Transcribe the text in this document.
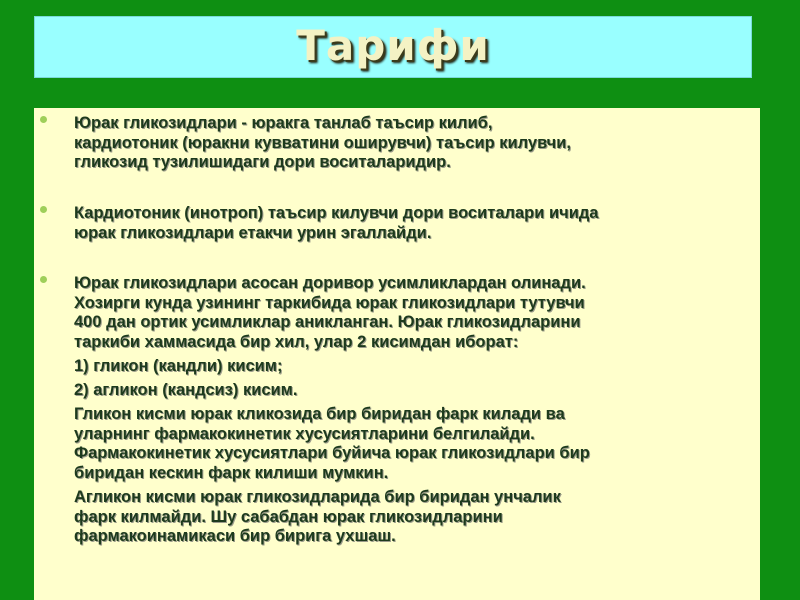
Тарифи

Юрак гликозидлари - юракга танлаб таъсир килиб,
кардиотоник (юракни кувватини оширувчи) таъсир килувчи,
гликозид тузилишидаги дори воситаларидир.

Кардиотоник (инотроп) таъсир килувчи дори воситалари ичида
юрак гликозидлари етакчи урин эгаллайди.

Юрак гликозидлари асосан доривор усимликлардан олинади.
Хозирги кунда узининг таркибида юрак гликозидлари тутувчи
400 дан ортик усимликлар аникланган. Юрак гликозидларини
таркиби хаммасида бир хил, улар 2 кисимдан иборат:

1) гликон (кандли) кисим;

2) агликон (кандсиз) кисим.

Гликон кисми юрак кликозида бир биридан фарк килади ва
уларнинг фармакокинетик хусусиятларини белгилайди.
Фармакокинетик хусусиятлари буйича юрак гликозидлари бир
биридан кескин фарк килиши мумкин.

Агликон кисми юрак гликозидларида бир биридан унчалик
фарк килмайди. Шу сабабдан юрак гликозидларини
фармакоинамикаси бир бирига ухшаш.
